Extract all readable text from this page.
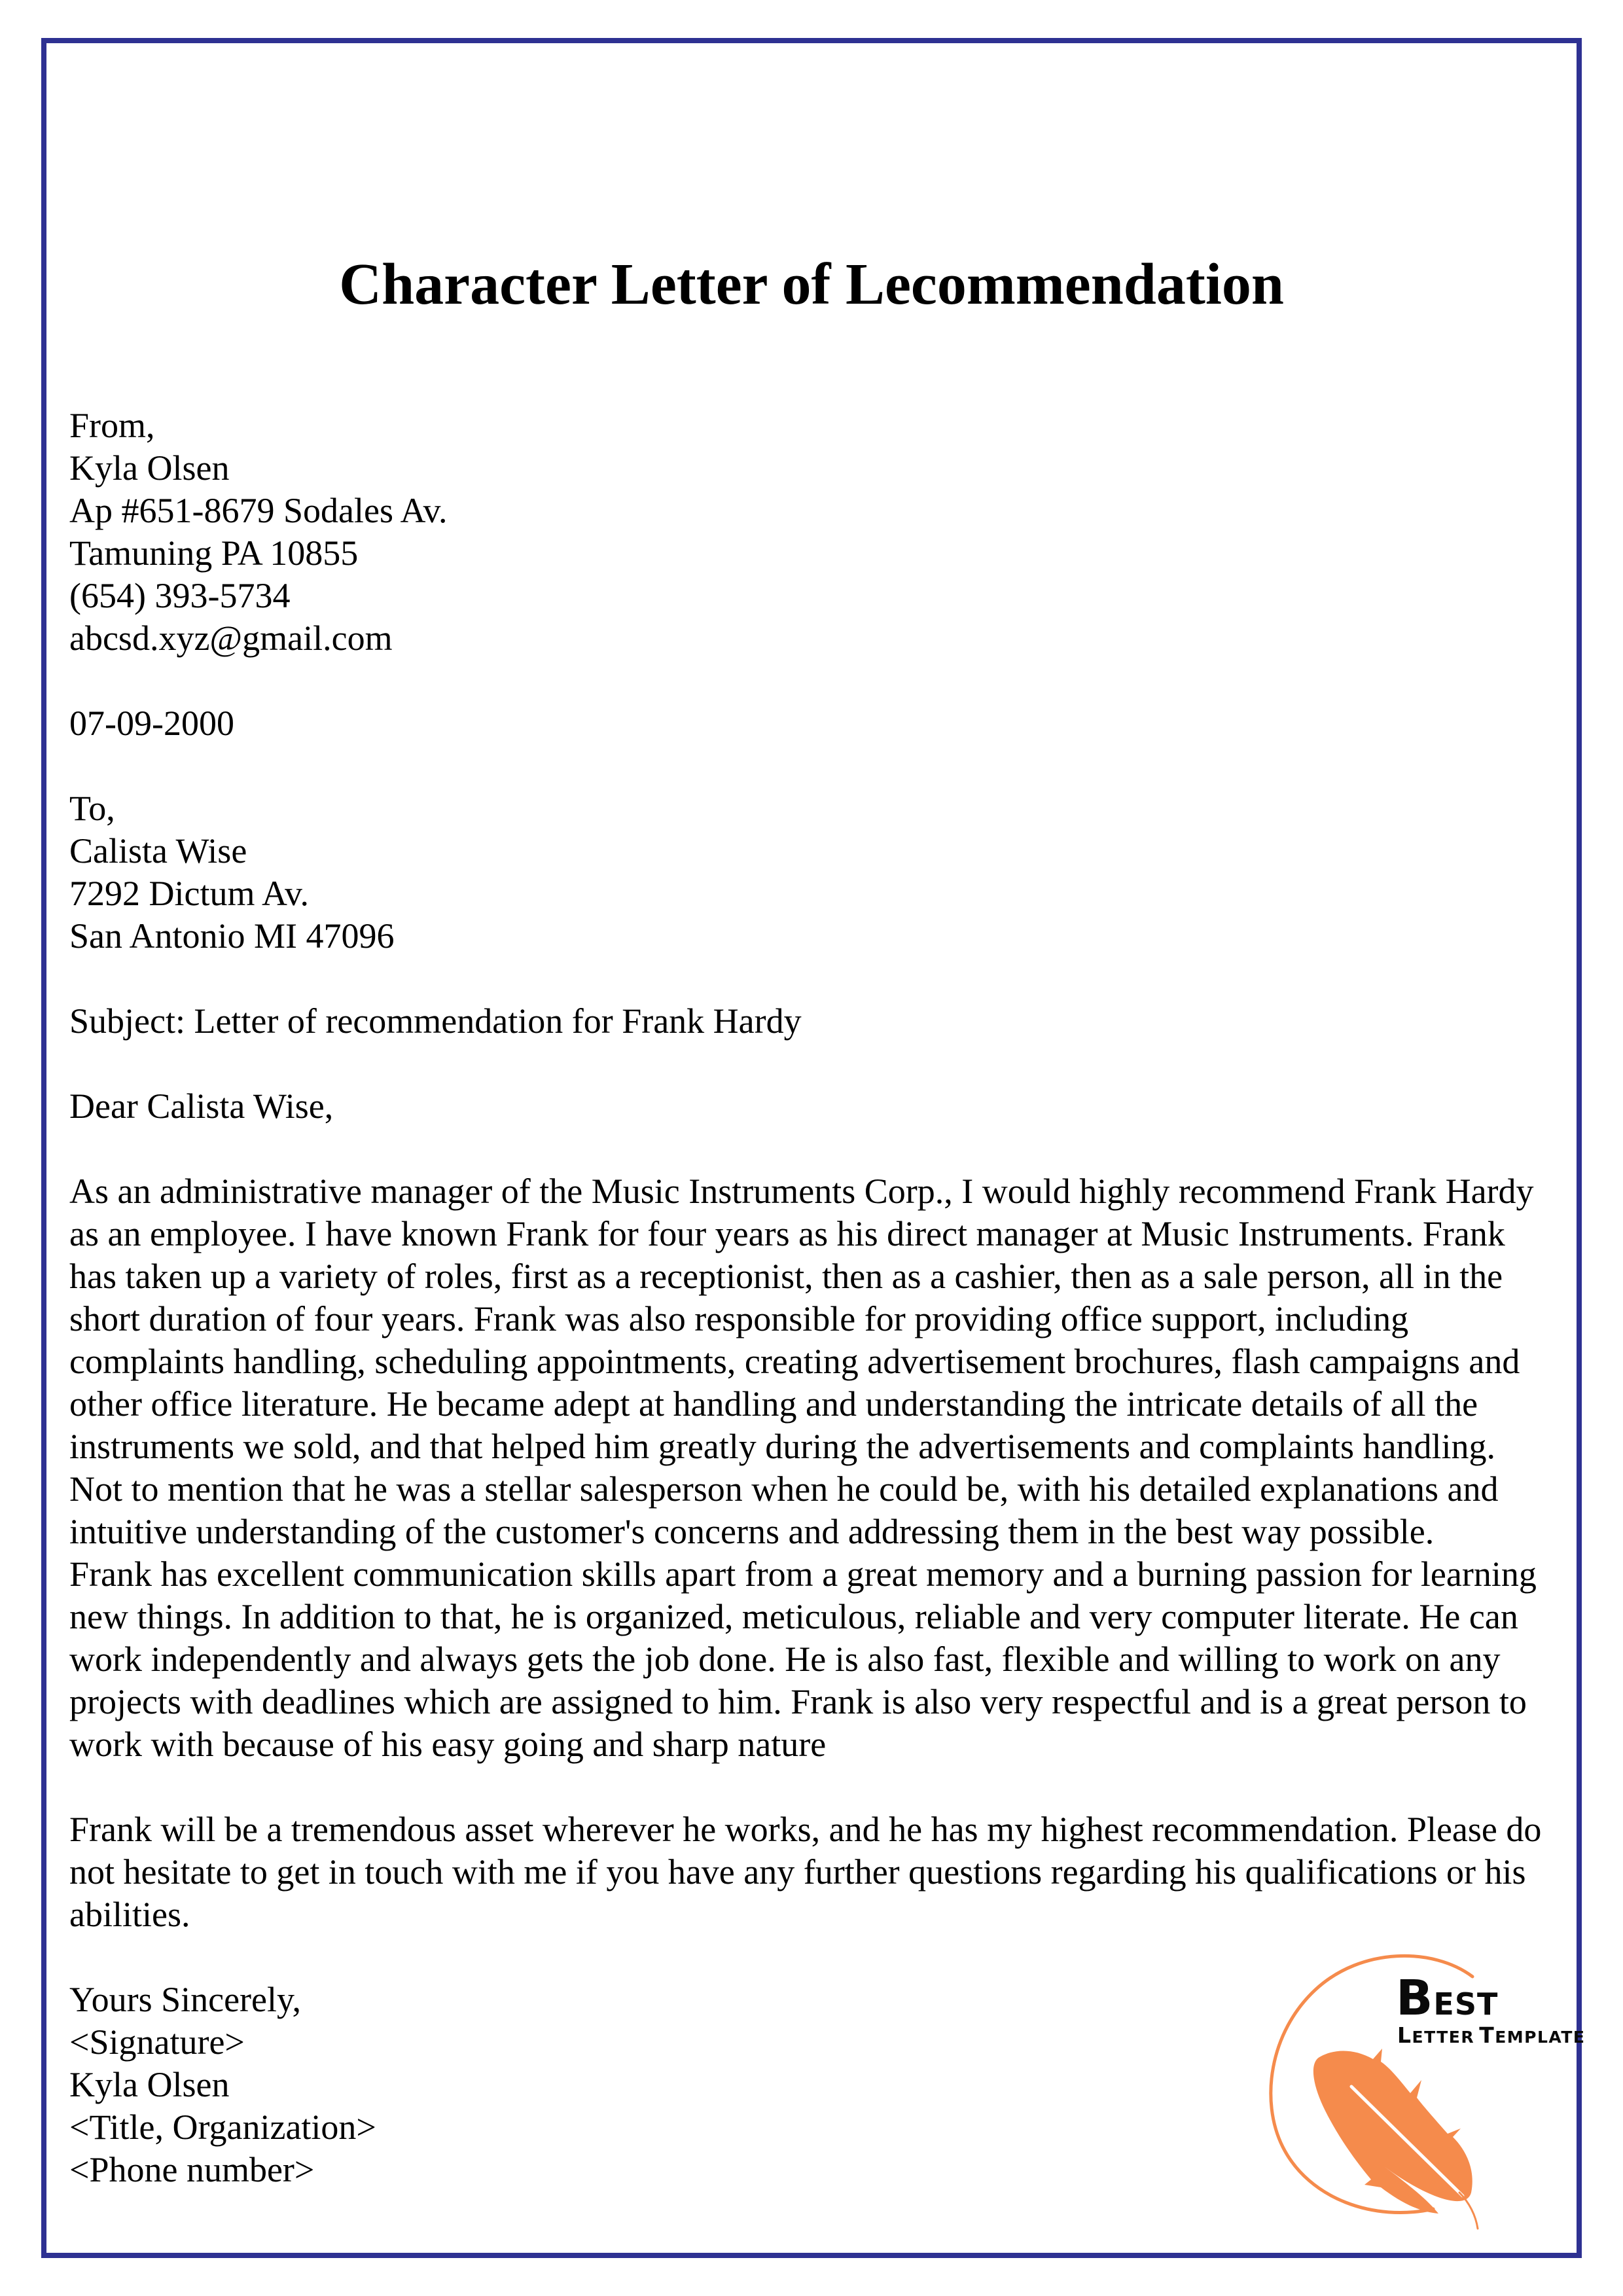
Character Letter of Lecommendation
From,
Kyla Olsen
Ap #651-8679 Sodales Av.
Tamuning PA 10855
(654) 393-5734
abcsd.xyz@gmail.com
07-09-2000
To,
Calista Wise
7292 Dictum Av.
San Antonio MI 47096
Subject: Letter of recommendation for Frank Hardy
Dear Calista Wise,
As an administrative manager of the Music Instruments Corp., I would highly recommend Frank Hardy
as an employee. I have known Frank for four years as his direct manager at Music Instruments. Frank
has taken up a variety of roles, first as a receptionist, then as a cashier, then as a sale person, all in the
short duration of four years. Frank was also responsible for providing office support, including
complaints handling, scheduling appointments, creating advertisement brochures, flash campaigns and
other office literature. He became adept at handling and understanding the intricate details of all the
instruments we sold, and that helped him greatly during the advertisements and complaints handling.
Not to mention that he was a stellar salesperson when he could be, with his detailed explanations and
intuitive understanding of the customer's concerns and addressing them in the best way possible.
Frank has excellent communication skills apart from a great memory and a burning passion for learning
new things. In addition to that, he is organized, meticulous, reliable and very computer literate. He can
work independently and always gets the job done. He is also fast, flexible and willing to work on any
projects with deadlines which are assigned to him. Frank is also very respectful and is a great person to
work with because of his easy going and sharp nature
Frank will be a tremendous asset wherever he works, and he has my highest recommendation. Please do
not hesitate to get in touch with me if you have any further questions regarding his qualifications or his
abilities.
Yours Sincerely,
<Signature>
Kyla Olsen
<Title, Organization>
<Phone number>
BEST
LETTER TEMPLATE
